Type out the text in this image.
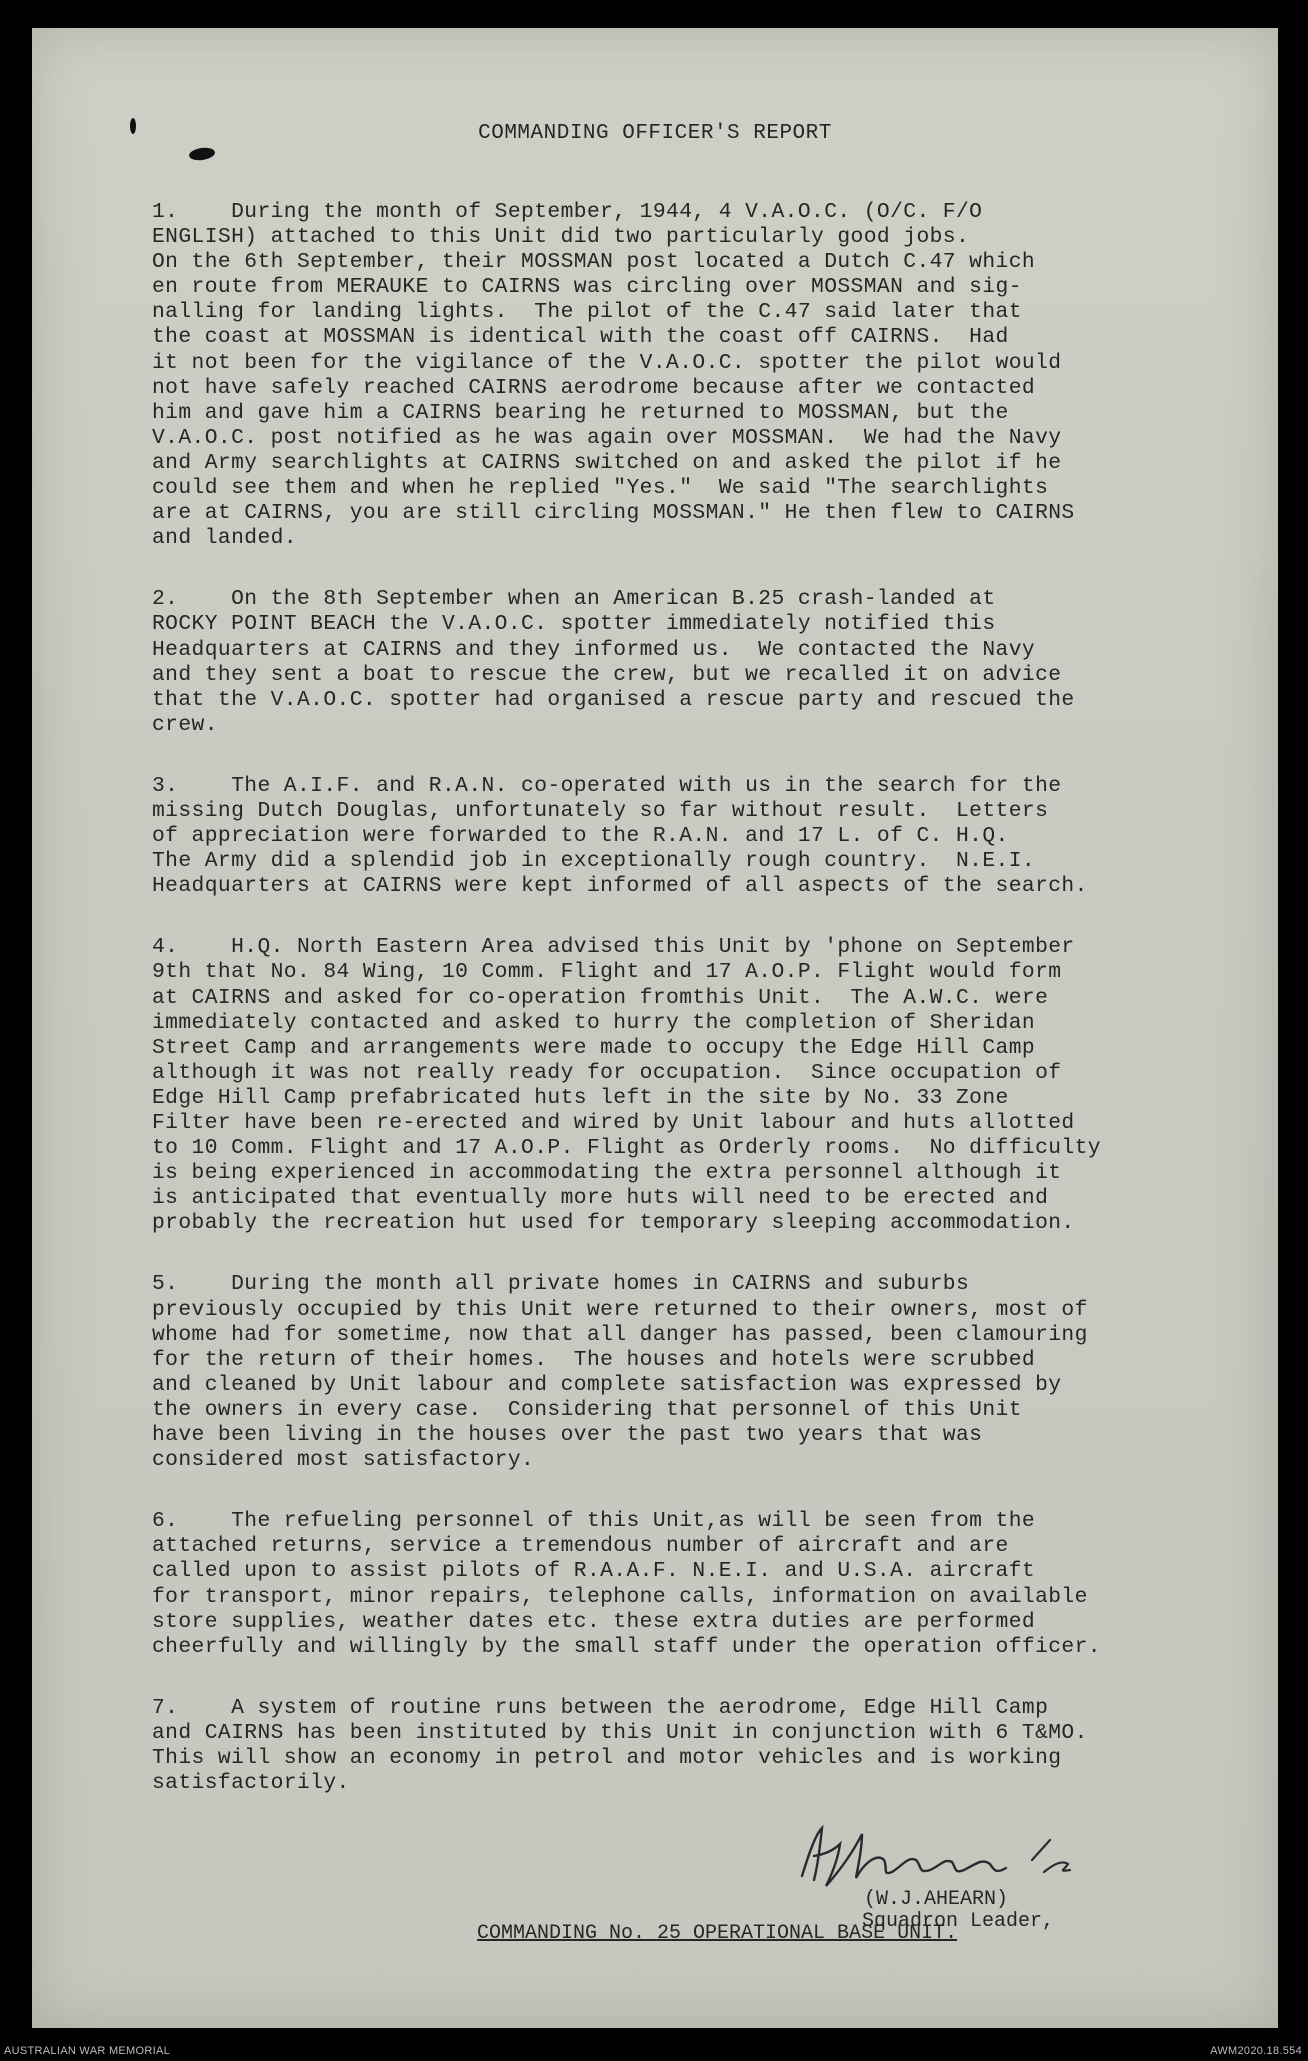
COMMANDING OFFICER'S REPORT
1.    During the month of September, 1944, 4 V.A.O.C. (O/C. F/O
ENGLISH) attached to this Unit did two particularly good jobs.
On the 6th September, their MOSSMAN post located a Dutch C.47 which
en route from MERAUKE to CAIRNS was circling over MOSSMAN and sig-
nalling for landing lights.  The pilot of the C.47 said later that
the coast at MOSSMAN is identical with the coast off CAIRNS.  Had
it not been for the vigilance of the V.A.O.C. spotter the pilot would
not have safely reached CAIRNS aerodrome because after we contacted
him and gave him a CAIRNS bearing he returned to MOSSMAN, but the
V.A.O.C. post notified as he was again over MOSSMAN.  We had the Navy
and Army searchlights at CAIRNS switched on and asked the pilot if he
could see them and when he replied "Yes."  We said "The searchlights
are at CAIRNS, you are still circling MOSSMAN." He then flew to CAIRNS
and landed.
2.    On the 8th September when an American B.25 crash-landed at
ROCKY POINT BEACH the V.A.O.C. spotter immediately notified this
Headquarters at CAIRNS and they informed us.  We contacted the Navy
and they sent a boat to rescue the crew, but we recalled it on advice
that the V.A.O.C. spotter had organised a rescue party and rescued the
crew.
3.    The A.I.F. and R.A.N. co-operated with us in the search for the
missing Dutch Douglas, unfortunately so far without result.  Letters
of appreciation were forwarded to the R.A.N. and 17 L. of C. H.Q.
The Army did a splendid job in exceptionally rough country.  N.E.I.
Headquarters at CAIRNS were kept informed of all aspects of the search.
4.    H.Q. North Eastern Area advised this Unit by 'phone on September
9th that No. 84 Wing, 10 Comm. Flight and 17 A.O.P. Flight would form
at CAIRNS and asked for co-operation fromthis Unit.  The A.W.C. were
immediately contacted and asked to hurry the completion of Sheridan
Street Camp and arrangements were made to occupy the Edge Hill Camp
although it was not really ready for occupation.  Since occupation of
Edge Hill Camp prefabricated huts left in the site by No. 33 Zone
Filter have been re-erected and wired by Unit labour and huts allotted
to 10 Comm. Flight and 17 A.O.P. Flight as Orderly rooms.  No difficulty
is being experienced in accommodating the extra personnel although it
is anticipated that eventually more huts will need to be erected and
probably the recreation hut used for temporary sleeping accommodation.
5.    During the month all private homes in CAIRNS and suburbs
previously occupied by this Unit were returned to their owners, most of
whome had for sometime, now that all danger has passed, been clamouring
for the return of their homes.  The houses and hotels were scrubbed
and cleaned by Unit labour and complete satisfaction was expressed by
the owners in every case.  Considering that personnel of this Unit
have been living in the houses over the past two years that was
considered most satisfactory.
6.    The refueling personnel of this Unit,as will be seen from the
attached returns, service a tremendous number of aircraft and are
called upon to assist pilots of R.A.A.F. N.E.I. and U.S.A. aircraft
for transport, minor repairs, telephone calls, information on available
store supplies, weather dates etc. these extra duties are performed
cheerfully and willingly by the small staff under the operation officer.
7.    A system of routine runs between the aerodrome, Edge Hill Camp
and CAIRNS has been instituted by this Unit in conjunction with 6 T&MO.
This will show an economy in petrol and motor vehicles and is working
satisfactorily.
(W.J.AHEARN)
Squadron Leader,
COMMANDING No. 25 OPERATIONAL BASE UNIT.
AUSTRALIAN WAR MEMORIAL	AWM2020.18.554
